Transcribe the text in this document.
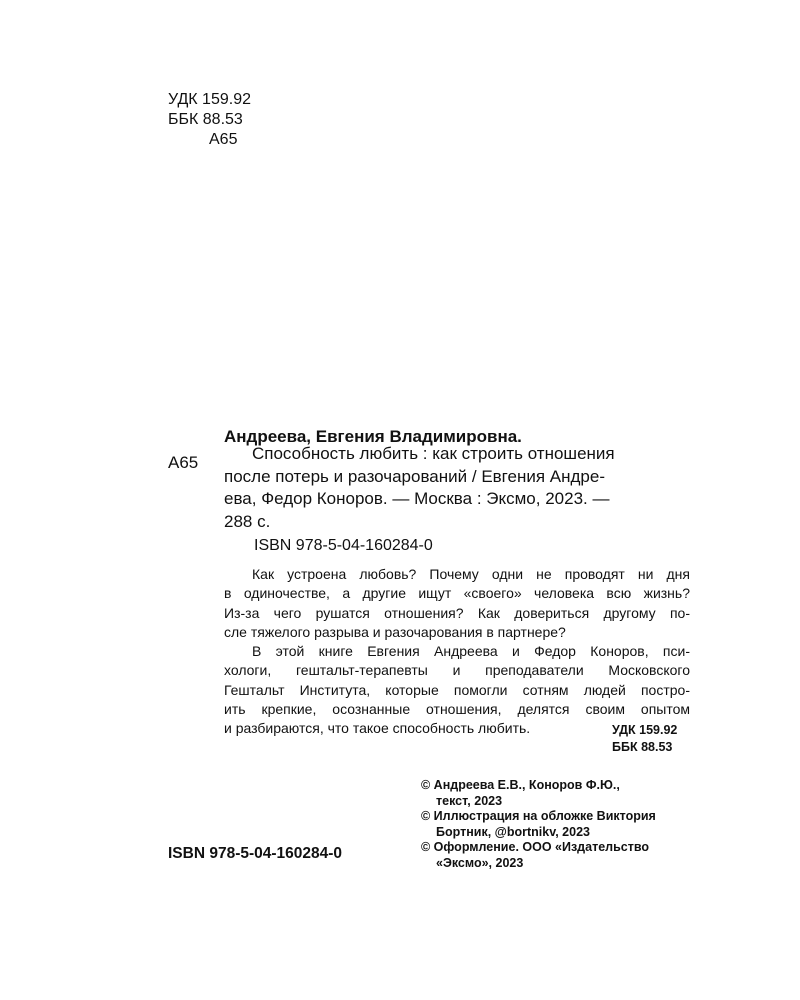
УДК 159.92
ББК 88.53
А65
Андреева, Евгения Владимировна.
А65	Способность любить : как строить отношения
после потерь и разочарований / Евгения Андре-
ева, Федор Коноров. — Москва : Эксмо, 2023. —
288 с.
ISBN 978-5-04-160284-0
Как устроена любовь? Почему одни не проводят ни дня
в одиночестве, а другие ищут «своего» человека всю жизнь?
Из-за чего рушатся отношения? Как довериться другому по-
сле тяжелого разрыва и разочарования в партнере?
В этой книге Евгения Андреева и Федор Коноров, пси-
хологи, гештальт-терапевты и преподаватели Московского
Гештальт Института, которые помогли сотням людей постро-
ить крепкие, осознанные отношения, делятся своим опытом
и разбираются, что такое способность любить.	УДК 159.92
ББК 88.53
© Андреева Е.В., Коноров Ф.Ю.,
текст, 2023
© Иллюстрация на обложке Виктория
Бортник, @bortnikv, 2023
© Оформление. ООО «Издательство
«Эксмо», 2023
ISBN 978-5-04-160284-0
